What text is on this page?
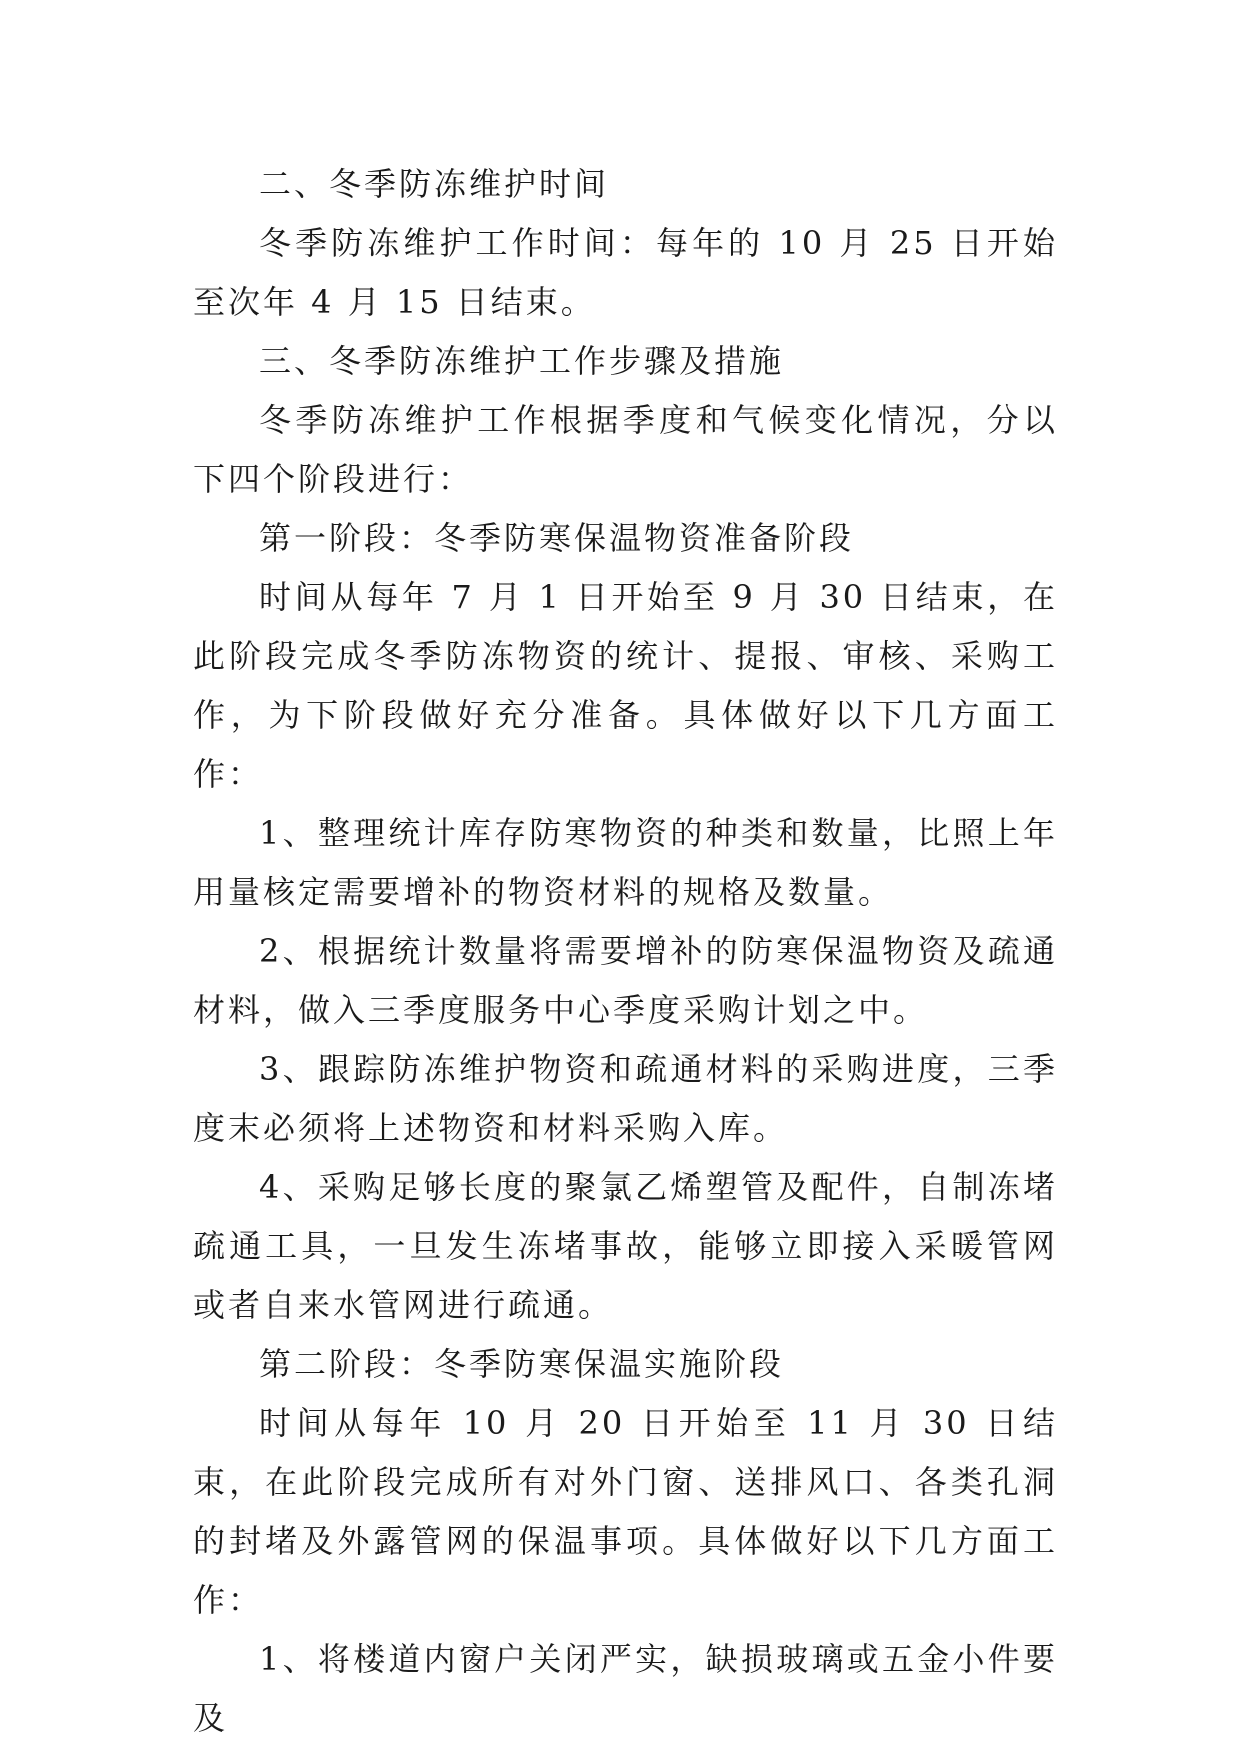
二、冬季防冻维护时间

冬季防冻维护工作时间：每年的 10 月 25 日开始至次年 4 月 15 日结束。

三、冬季防冻维护工作步骤及措施

冬季防冻维护工作根据季度和气候变化情况，分以下四个阶段进行：

第一阶段：冬季防寒保温物资准备阶段

时间从每年 7 月 1 日开始至 9 月 30 日结束，在此阶段完成冬季防冻物资的统计、提报、审核、采购工作，为下阶段做好充分准备。具体做好以下几方面工作：

1、整理统计库存防寒物资的种类和数量，比照上年用量核定需要增补的物资材料的规格及数量。

2、根据统计数量将需要增补的防寒保温物资及疏通材料，做入三季度服务中心季度采购计划之中。

3、跟踪防冻维护物资和疏通材料的采购进度，三季度末必须将上述物资和材料采购入库。

4、采购足够长度的聚氯乙烯塑管及配件，自制冻堵疏通工具，一旦发生冻堵事故，能够立即接入采暖管网或者自来水管网进行疏通。

第二阶段：冬季防寒保温实施阶段

时间从每年 10 月 20 日开始至 11 月 30 日结束，在此阶段完成所有对外门窗、送排风口、各类孔洞的封堵及外露管网的保温事项。具体做好以下几方面工作：

1、将楼道内窗户关闭严实，缺损玻璃或五金小件要及
